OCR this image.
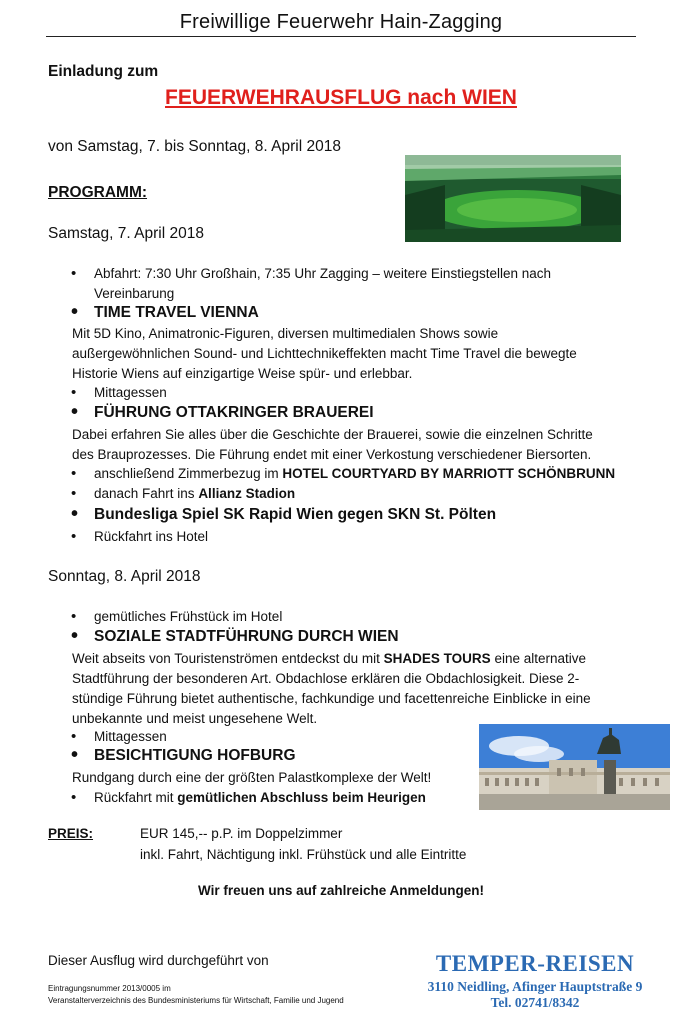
Freiwillige Feuerwehr Hain-Zagging
Einladung zum
FEUERWEHRAUSFLUG nach WIEN
von Samstag, 7. bis Sonntag, 8. April 2018
PROGRAMM:
Samstag, 7. April 2018
• Abfahrt: 7:30 Uhr Großhain, 7:35 Uhr Zagging – weitere Einstiegstellen nach
Vereinbarung
• TIME TRAVEL VIENNA
Mit 5D Kino, Animatronic-Figuren, diversen multimedialen Shows sowie
außergewöhnlichen Sound- und Lichttechnikeffekten macht Time Travel die bewegte
Historie Wiens auf einzigartige Weise spür- und erlebbar.
• Mittagessen
• FÜHRUNG OTTAKRINGER BRAUEREI
Dabei erfahren Sie alles über die Geschichte der Brauerei, sowie die einzelnen Schritte
des Brauprozesses. Die Führung endet mit einer Verkostung verschiedener Biersorten.
• anschließend Zimmerbezug im HOTEL COURTYARD BY MARRIOTT SCHÖNBRUNN
• danach Fahrt ins Allianz Stadion
• Bundesliga Spiel SK Rapid Wien gegen SKN St. Pölten
• Rückfahrt ins Hotel
Sonntag, 8. April 2018
• gemütliches Frühstück im Hotel
• SOZIALE STADTFÜHRUNG DURCH WIEN
Weit abseits von Touristenströmen entdeckst du mit SHADES TOURS eine alternative
Stadtführung der besonderen Art. Obdachlose erklären die Obdachlosigkeit. Diese 2-
stündige Führung bietet authentische, fachkundige und facettenreiche Einblicke in eine
unbekannte und meist ungesehene Welt.
• Mittagessen
• BESICHTIGUNG HOFBURG
Rundgang durch eine der größten Palastkomplexe der Welt!
• Rückfahrt mit gemütlichen Abschluss beim Heurigen
PREIS:	EUR 145,-- p.P. im Doppelzimmer
inkl. Fahrt, Nächtigung inkl. Frühstück und alle Eintritte
Wir freuen uns auf zahlreiche Anmeldungen!
Dieser Ausflug wird durchgeführt von
Eintragungsnummer 2013/0005 im
Veranstalterverzeichnis des Bundesministeriums für Wirtschaft, Familie und Jugend
TEMPER-REISEN
3110 Neidling, Afinger Hauptstraße 9
Tel. 02741/8342
